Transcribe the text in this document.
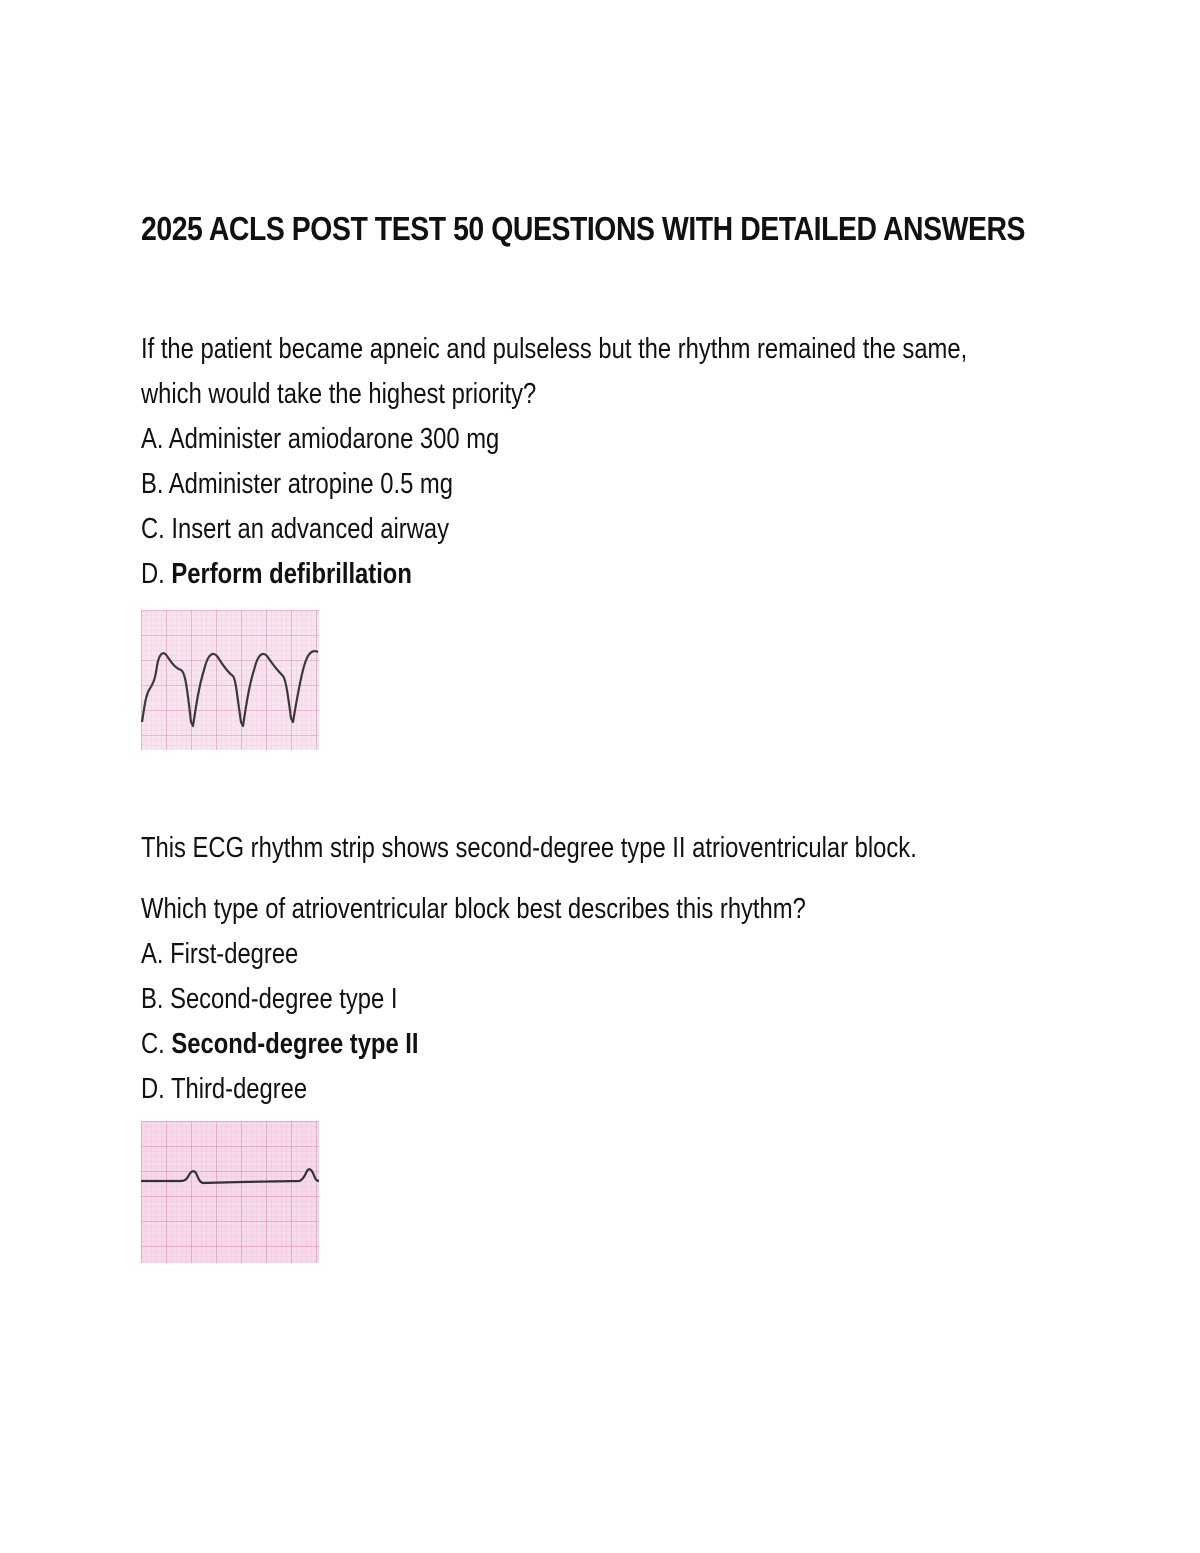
2025 ACLS POST TEST 50 QUESTIONS WITH DETAILED ANSWERS
If the patient became apneic and pulseless but the rhythm remained the same,
which would take the highest priority?
A. Administer amiodarone 300 mg
B. Administer atropine 0.5 mg
C. Insert an advanced airway
D. Perform defibrillation
This ECG rhythm strip shows second-degree type II atrioventricular block.
Which type of atrioventricular block best describes this rhythm?
A. First-degree
B. Second-degree type I
C. Second-degree type II
D. Third-degree
